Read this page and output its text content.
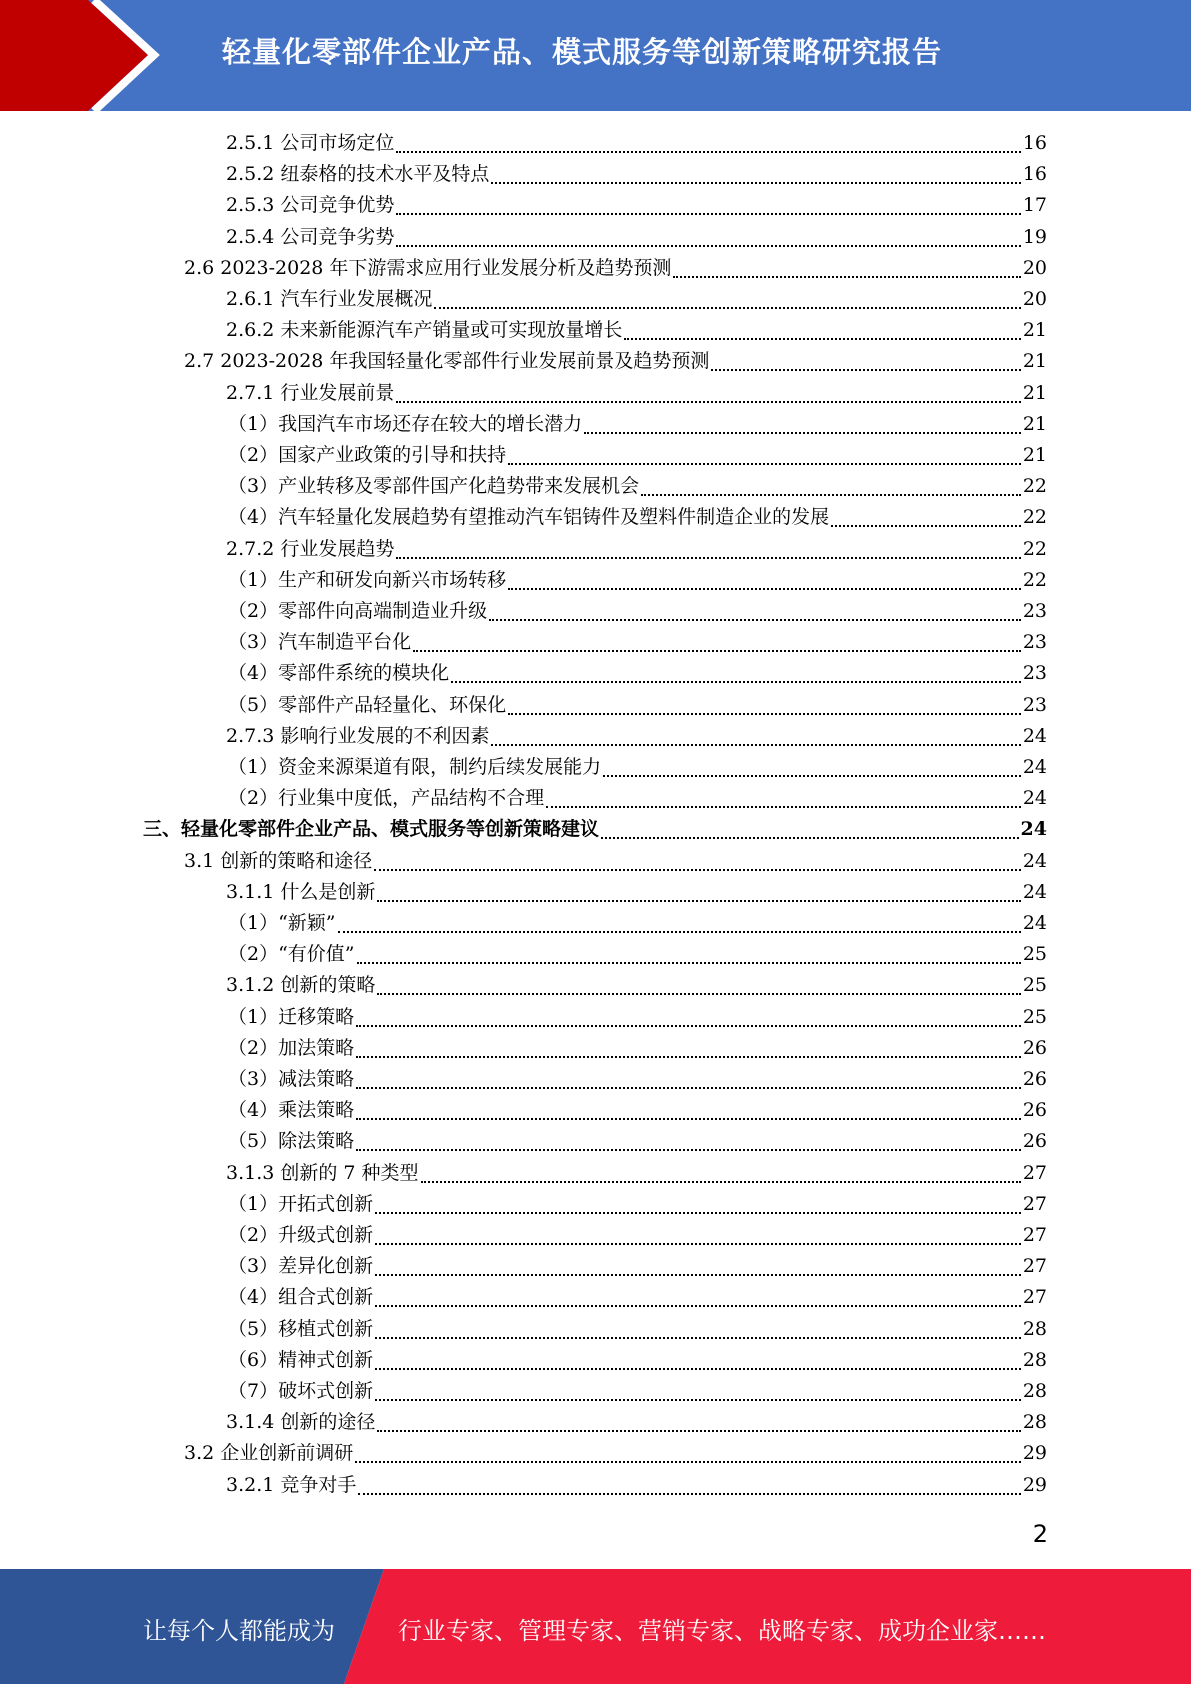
轻量化零部件企业产品、模式服务等创新策略研究报告
2.5.1 公司市场定位	16
2.5.2 纽泰格的技术水平及特点	16
2.5.3 公司竞争优势	17
2.5.4 公司竞争劣势	19
2.6 2023-2028 年下游需求应用行业发展分析及趋势预测	20
2.6.1 汽车行业发展概况	20
2.6.2 未来新能源汽车产销量或可实现放量增长	21
2.7 2023-2028 年我国轻量化零部件行业发展前景及趋势预测	21
2.7.1 行业发展前景	21
（1）我国汽车市场还存在较大的增长潜力	21
（2）国家产业政策的引导和扶持	21
（3）产业转移及零部件国产化趋势带来发展机会	22
（4）汽车轻量化发展趋势有望推动汽车铝铸件及塑料件制造企业的发展	22
2.7.2 行业发展趋势	22
（1）生产和研发向新兴市场转移	22
（2）零部件向高端制造业升级	23
（3）汽车制造平台化	23
（4）零部件系统的模块化	23
（5）零部件产品轻量化、环保化	23
2.7.3 影响行业发展的不利因素	24
（1）资金来源渠道有限，制约后续发展能力	24
（2）行业集中度低，产品结构不合理	24
三、轻量化零部件企业产品、模式服务等创新策略建议	24
3.1 创新的策略和途径	24
3.1.1 什么是创新	24
（1）“新颖”	24
（2）“有价值”	25
3.1.2 创新的策略	25
（1）迁移策略	25
（2）加法策略	26
（3）减法策略	26
（4）乘法策略	26
（5）除法策略	26
3.1.3 创新的 7 种类型	27
（1）开拓式创新	27
（2）升级式创新	27
（3）差异化创新	27
（4）组合式创新	27
（5）移植式创新	28
（6）精神式创新	28
（7）破坏式创新	28
3.1.4 创新的途径	28
3.2 企业创新前调研	29
3.2.1 竞争对手	29
2
让每个人都能成为	行业专家、管理专家、营销专家、战略专家、成功企业家……
